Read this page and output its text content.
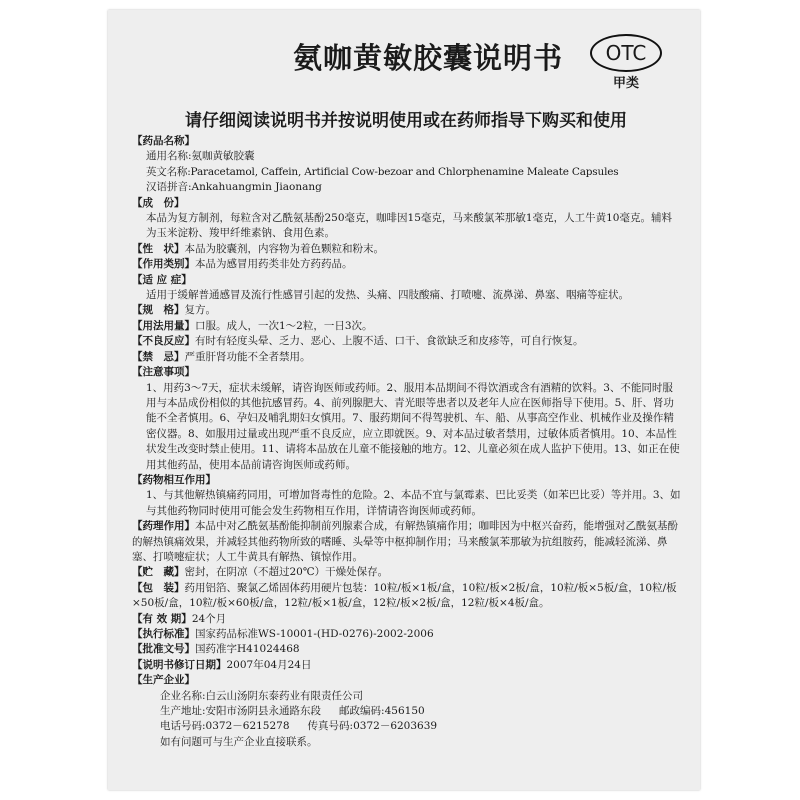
氨咖黄敏胶囊说明书	OTC
甲类
请仔细阅读说明书并按说明使用或在药师指导下购买和使用
【药品名称】
通用名称:氨咖黄敏胶囊
英文名称:Paracetamol, Caffein, Artificial Cow-bezoar and Chlorphenamine Maleate Capsules
汉语拼音:Ankahuangmin Jiaonang
【成　份】
本品为复方制剂，每粒含对乙酰氨基酚250毫克，咖啡因15毫克，马来酸氯苯那敏1毫克，人工牛黄10毫克。辅料为玉米淀粉、羧甲纤维素钠、食用色素。
【性　状】本品为胶囊剂，内容物为着色颗粒和粉末。
【作用类别】本品为感冒用药类非处方药药品。
【适 应 症】
适用于缓解普通感冒及流行性感冒引起的发热、头痛、四肢酸痛、打喷嚏、流鼻涕、鼻塞、咽痛等症状。
【规　格】复方。
【用法用量】口服。成人，一次1～2粒，一日3次。
【不良反应】有时有轻度头晕、乏力、恶心、上腹不适、口干、食欲缺乏和皮疹等，可自行恢复。
【禁　忌】严重肝肾功能不全者禁用。
【注意事项】
1、用药3～7天，症状未缓解，请咨询医师或药师。2、服用本品期间不得饮酒或含有酒精的饮料。3、不能同时服用与本品成份相似的其他抗感冒药。4、前列腺肥大、青光眼等患者以及老年人应在医师指导下使用。5、肝、肾功能不全者慎用。6、孕妇及哺乳期妇女慎用。7、服药期间不得驾驶机、车、船、从事高空作业、机械作业及操作精密仪器。8、如服用过量或出现严重不良反应，应立即就医。9、对本品过敏者禁用，过敏体质者慎用。10、本品性状发生改变时禁止使用。11、请将本品放在儿童不能接触的地方。12、儿童必须在成人监护下使用。13、如正在使用其他药品，使用本品前请咨询医师或药师。
【药物相互作用】
1、与其他解热镇痛药同用，可增加肾毒性的危险。2、本品不宜与氯霉素、巴比妥类（如苯巴比妥）等并用。3、如与其他药物同时使用可能会发生药物相互作用，详情请咨询医师或药师。
【药理作用】本品中对乙酰氨基酚能抑制前列腺素合成，有解热镇痛作用；咖啡因为中枢兴奋药，能增强对乙酰氨基酚的解热镇痛效果，并减轻其他药物所致的嗜睡、头晕等中枢抑制作用；马来酸氯苯那敏为抗组胺药，能减轻流涕、鼻塞、打喷嚏症状；人工牛黄具有解热、镇惊作用。
【贮　藏】密封，在阴凉（不超过20℃）干燥处保存。
【包　装】药用铝箔、聚氯乙烯固体药用硬片包装：10粒/板×1板/盒，10粒/板×2板/盒，10粒/板×5板/盒，10粒/板×50板/盒，10粒/板×60板/盒，12粒/板×1板/盒，12粒/板×2板/盒，12粒/板×4板/盒。
【有 效 期】24个月
【执行标准】国家药品标准WS-10001-(HD-0276)-2002-2006
【批准文号】国药准字H41024468
【说明书修订日期】2007年04月24日
【生产企业】
企业名称:白云山汤阴东泰药业有限责任公司
生产地址:安阳市汤阴县永通路东段 邮政编码:456150
电话号码:0372－6215278 传真号码:0372－6203639
如有问题可与生产企业直接联系。
